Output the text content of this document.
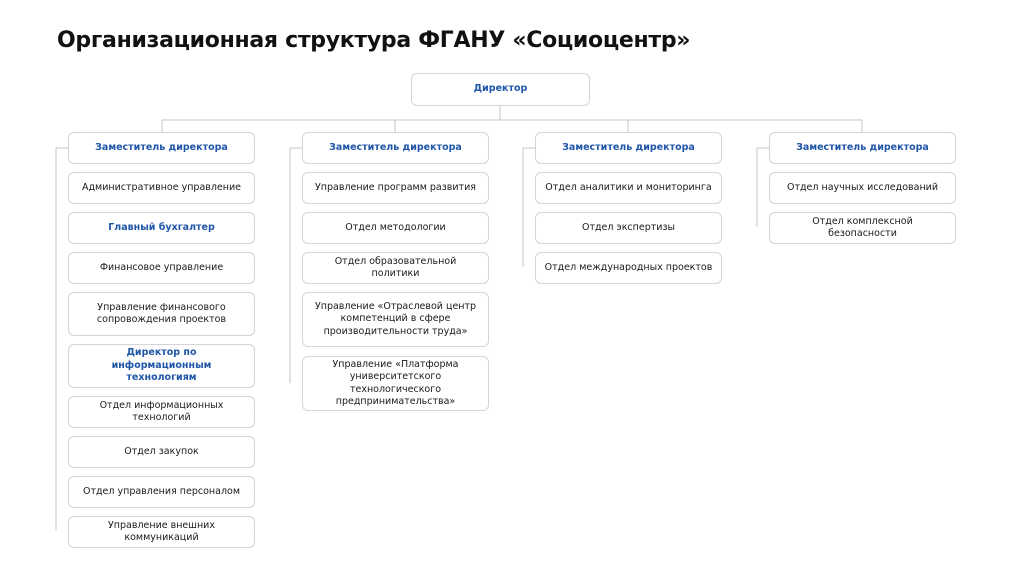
Организационная структура ФГАНУ «Социоцентр»
Директор
Заместитель директора
Административное управление
Главный бухгалтер
Финансовое управление
Управление финансового сопровождения проектов
Директор по информационным технологиям
Отдел информационных технологий
Отдел закупок
Отдел управления персоналом
Управление внешних коммуникаций
Заместитель директора
Управление программ развития
Отдел методологии
Отдел образовательной политики
Управление «Отраслевой центр компетенций в сфере производительности труда»
Управление «Платформа университетского технологического предпринимательства»
Заместитель директора
Отдел аналитики и мониторинга
Отдел экспертизы
Отдел международных проектов
Заместитель директора
Отдел научных исследований
Отдел комплексной безопасности
